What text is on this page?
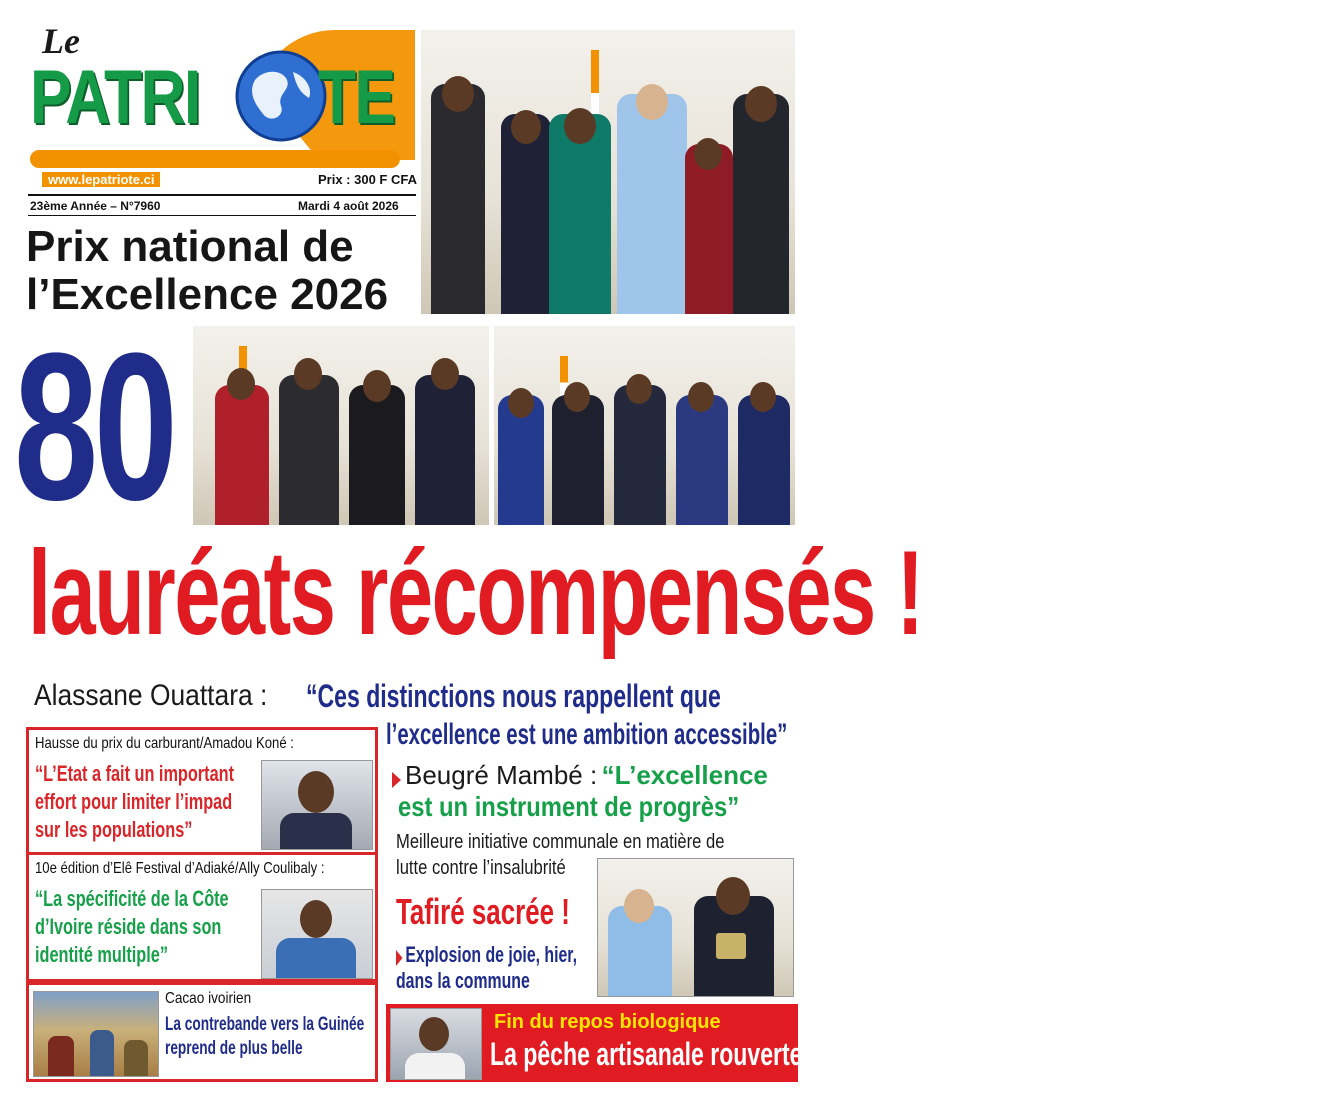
Le
PATRI TE
www.lepatriote.ci	Prix : 300 F CFA
23ème Année – N°7960	Mardi 4 août 2026
Prix national de
l’Excellence 2026
80
lauréats récompensés !
Alassane Ouattara : “Ces distinctions nous rappellent que
l’excellence est une ambition accessible”
Hausse du prix du carburant/Amadou Koné :
“L’Etat a fait un important
effort pour limiter l’impad
sur les populations”
10e édition d’Elê Festival d’Adiaké/Ally Coulibaly :
“La spécificité de la Côte
d’Ivoire réside dans son
identité multiple”
Cacao ivoirien
La contrebande vers la Guinée
reprend de plus belle
Beugré Mambé : “L’excellence
est un instrument de progrès”
Meilleure initiative communale en matière de
lutte contre l’insalubrité
Tafiré sacrée !
Explosion de joie, hier,
dans la commune
Fin du repos biologique
La pêche artisanale rouverte
